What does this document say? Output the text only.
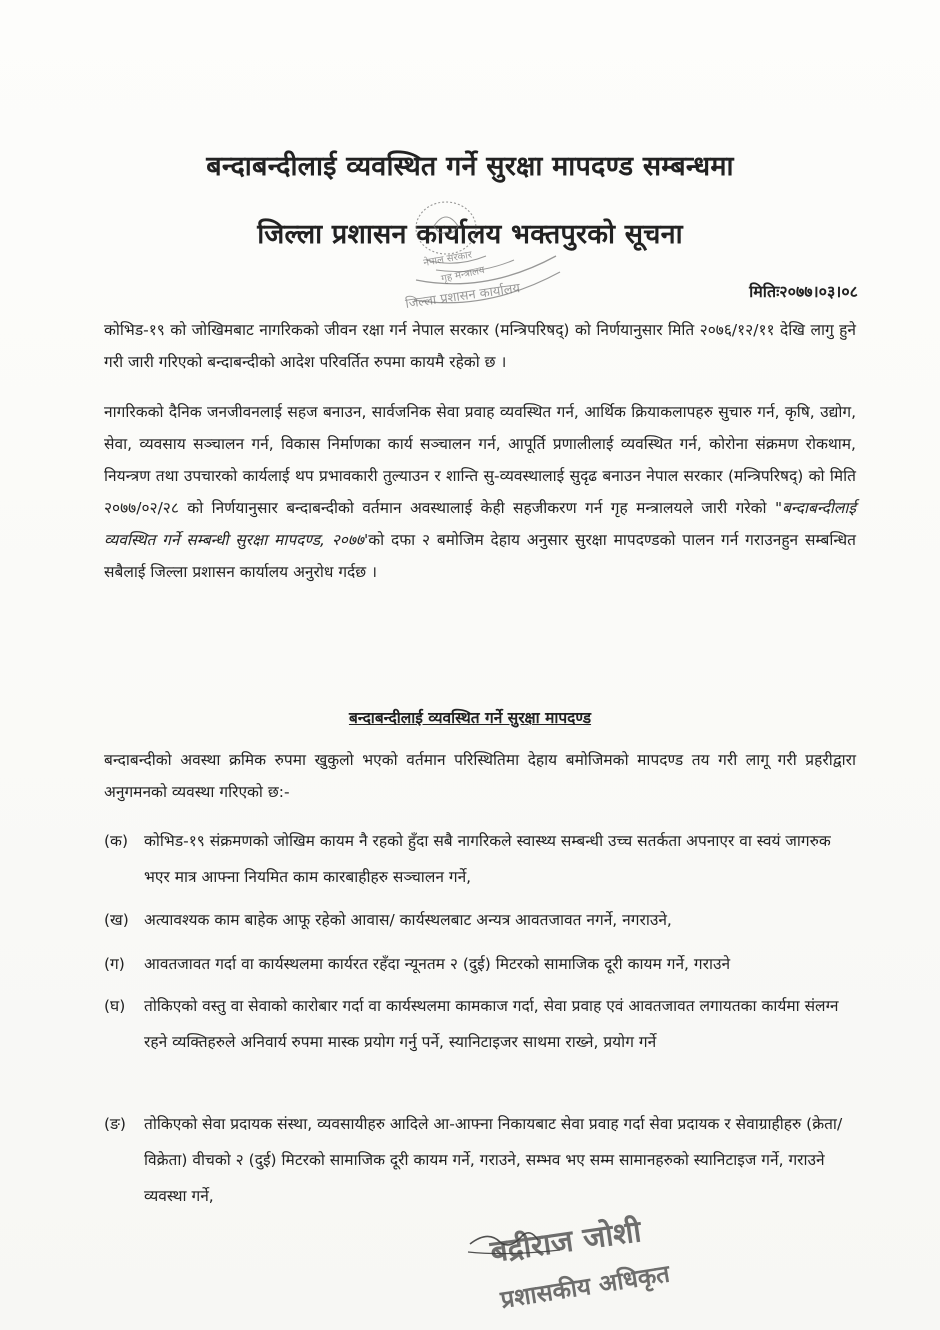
बन्दाबन्दीलाई व्यवस्थित गर्ने सुरक्षा मापदण्ड सम्बन्धमा
जिल्ला प्रशासन कार्यालय भक्तपुरको सूचना
नेपाल सरकार
गृह मन्त्रालय
जिल्ला प्रशासन कार्यालय	मितिः२०७७।०३।०८
कोभिड-१९ को जोखिमबाट नागरिकको जीवन रक्षा गर्न नेपाल सरकार (मन्त्रिपरिषद्) को निर्णयानुसार मिति २०७६/१२/११ देखि लागु हुने गरी जारी गरिएको बन्दाबन्दीको आदेश परिवर्तित रुपमा कायमै रहेको छ ।
नागरिकको दैनिक जनजीवनलाई सहज बनाउन, सार्वजनिक सेवा प्रवाह व्यवस्थित गर्न, आर्थिक क्रियाकलापहरु सुचारु गर्न, कृषि, उद्योग, सेवा, व्यवसाय सञ्चालन गर्न, विकास निर्माणका कार्य सञ्चालन गर्न, आपूर्ति प्रणालीलाई व्यवस्थित गर्न, कोरोना संक्रमण रोकथाम, नियन्त्रण तथा उपचारको कार्यलाई थप प्रभावकारी तुल्याउन र शान्ति सु-व्यवस्थालाई सुदृढ बनाउन नेपाल सरकार (मन्त्रिपरिषद्) को मिति २०७७/०२/२८ को निर्णयानुसार बन्दाबन्दीको वर्तमान अवस्थालाई केही सहजीकरण गर्न गृह मन्त्रालयले जारी गरेको "बन्दाबन्दीलाई व्यवस्थित गर्ने सम्बन्धी सुरक्षा मापदण्ड, २०७७'को दफा २ बमोजिम देहाय अनुसार सुरक्षा मापदण्डको पालन गर्न गराउनहुन सम्बन्धित सबैलाई जिल्ला प्रशासन कार्यालय अनुरोध गर्दछ ।
बन्दाबन्दीलाई व्यवस्थित गर्ने सुरक्षा मापदण्ड
बन्दाबन्दीको अवस्था क्रमिक रुपमा खुकुलो भएको वर्तमान परिस्थितिमा देहाय बमोजिमको मापदण्ड तय गरी लागू गरी प्रहरीद्वारा अनुगमनको व्यवस्था गरिएको छ:-
(क)	कोभिड-१९ संक्रमणको जोखिम कायम नै रहको हुँदा सबै नागरिकले स्वास्थ्य सम्बन्धी उच्च सतर्कता अपनाएर वा स्वयं जागरुक भएर मात्र आफ्ना नियमित काम कारबाहीहरु सञ्चालन गर्ने,
(ख) अत्यावश्यक काम बाहेक आफू रहेको आवास/ कार्यस्थलबाट अन्यत्र आवतजावत नगर्ने, नगराउने,
(ग)	आवतजावत गर्दा वा कार्यस्थलमा कार्यरत रहँदा न्यूनतम २ (दुई) मिटरको सामाजिक दूरी कायम गर्ने, गराउने
(घ)	तोकिएको वस्तु वा सेवाको कारोबार गर्दा वा कार्यस्थलमा कामकाज गर्दा, सेवा प्रवाह एवं आवतजावत लगायतका कार्यमा संलग्न रहने व्यक्तिहरुले अनिवार्य रुपमा मास्क प्रयोग गर्नु पर्ने, स्यानिटाइजर साथमा राख्ने, प्रयोग गर्ने
(ङ)	तोकिएको सेवा प्रदायक संस्था, व्यवसायीहरु आदिले आ-आफ्ना निकायबाट सेवा प्रवाह गर्दा सेवा प्रदायक र सेवाग्राहीहरु (क्रेता/विक्रेता) वीचको २ (दुई) मिटरको सामाजिक दूरी कायम गर्ने, गराउने, सम्भव भए सम्म सामानहरुको स्यानिटाइज गर्ने, गराउने व्यवस्था गर्ने,
बद्रीराज जोशी
प्रशासकीय अधिकृत
